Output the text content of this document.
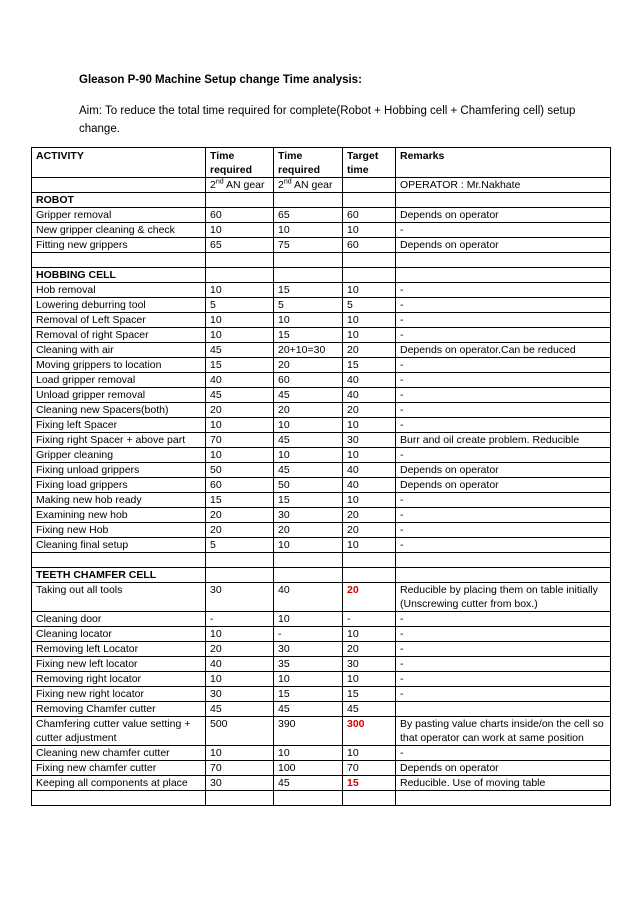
Gleason P-90 Machine Setup change Time analysis:
Aim: To reduce the total time required for complete(Robot + Hobbing cell + Chamfering cell) setup change.
ACTIVITY	Time required	Time required	Target time	Remarks
	2nd AN gear	2nd AN gear		OPERATOR : Mr.Nakhate
ROBOT				
Gripper removal	60	65	60	Depends on operator
New gripper cleaning & check	10	10	10	-
Fitting new grippers	65	75	60	Depends on operator

HOBBING CELL				
Hob removal	10	15	10	-
Lowering deburring tool	5	5	5	-
Removal of Left Spacer	10	10	10	-
Removal of right Spacer	10	15	10	-
Cleaning with air	45	20+10=30	20	Depends on operator.Can be reduced
Moving grippers to location	15	20	15	-
Load gripper removal	40	60	40	-
Unload gripper removal	45	45	40	-
Cleaning new Spacers(both)	20	20	20	-
Fixing left Spacer	10	10	10	-
Fixing right Spacer + above part	70	45	30	Burr and oil create problem. Reducible
Gripper cleaning	10	10	10	-
Fixing unload grippers	50	45	40	Depends on operator
Fixing load grippers	60	50	40	Depends on operator
Making new hob ready	15	15	10	-
Examining new hob	20	30	20	-
Fixing new Hob	20	20	20	-
Cleaning final setup	5	10	10	-

TEETH CHAMFER CELL				
Taking out all tools	30	40	20	Reducible by placing them on table initially (Unscrewing cutter from box.)
Cleaning door	-	10	-	-
Cleaning locator	10	-	10	-
Removing left Locator	20	30	20	-
Fixing new left locator	40	35	30	-
Removing right locator	10	10	10	-
Fixing new right locator	30	15	15	-
Removing Chamfer cutter	45	45	45	
Chamfering cutter value setting + cutter adjustment	500	390	300	By pasting value charts inside/on the cell so that operator can work at same position
Cleaning new chamfer cutter	10	10	10	-
Fixing new chamfer cutter	70	100	70	Depends on operator
Keeping all components at place	30	45	15	Reducible. Use of moving table
